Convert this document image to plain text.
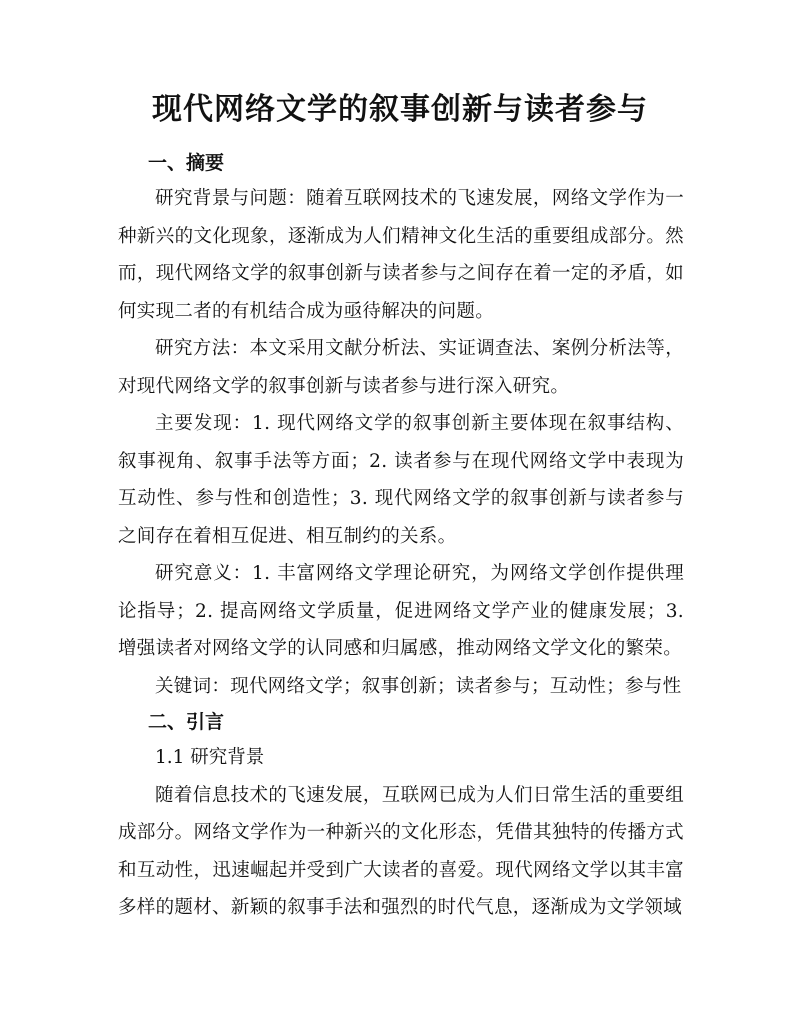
现代网络文学的叙事创新与读者参与

一、摘要

研究背景与问题：随着互联网技术的飞速发展，网络文学作为一种新兴的文化现象，逐渐成为人们精神文化生活的重要组成部分。然而，现代网络文学的叙事创新与读者参与之间存在着一定的矛盾，如何实现二者的有机结合成为亟待解决的问题。

研究方法：本文采用文献分析法、实证调查法、案例分析法等，对现代网络文学的叙事创新与读者参与进行深入研究。

主要发现：1. 现代网络文学的叙事创新主要体现在叙事结构、叙事视角、叙事手法等方面；2. 读者参与在现代网络文学中表现为互动性、参与性和创造性；3. 现代网络文学的叙事创新与读者参与之间存在着相互促进、相互制约的关系。

研究意义：1. 丰富网络文学理论研究，为网络文学创作提供理论指导；2. 提高网络文学质量，促进网络文学产业的健康发展；3. 增强读者对网络文学的认同感和归属感，推动网络文学文化的繁荣。

关键词：现代网络文学；叙事创新；读者参与；互动性；参与性

二、引言

1.1 研究背景

随着信息技术的飞速发展，互联网已成为人们日常生活的重要组成部分。网络文学作为一种新兴的文化形态，凭借其独特的传播方式和互动性，迅速崛起并受到广大读者的喜爱。现代网络文学以其丰富多样的题材、新颖的叙事手法和强烈的时代气息，逐渐成为文学领域
